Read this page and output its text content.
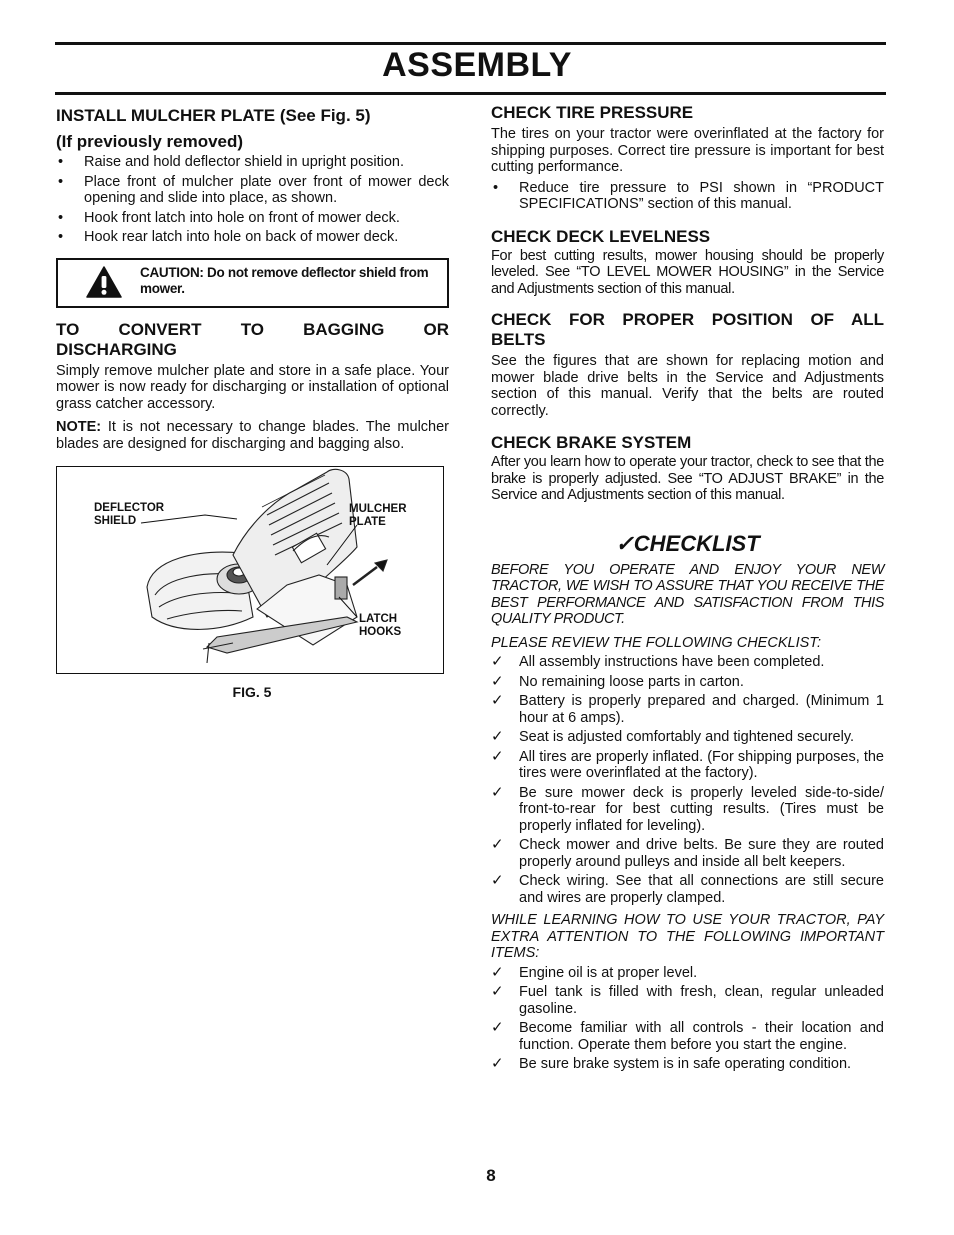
ASSEMBLY
INSTALL MULCHER PLATE (See Fig. 5)
(If previously removed)
• Raise and hold deflector shield in upright position.
• Place front of mulcher plate over front of mower deck opening and slide into place, as shown.
• Hook front latch into hole on front of mower deck.
• Hook rear latch into hole on back of mower deck.
CAUTION: Do not remove deflector shield from mower.
TO CONVERT TO BAGGING OR DISCHARGING

Simply remove mulcher plate and store in a safe place. Your mower is now ready for discharging or installation of optional grass catcher accessory.

NOTE: It is not necessary to change blades. The mulcher blades are designed for discharging and bagging also.

DEFLECTOR
SHIELD
MULCHER
PLATE
LATCH
HOOKS
FIG. 5
CHECK TIRE PRESSURE

The tires on your tractor were overinflated at the factory for shipping purposes. Correct tire pressure is important for best cutting performance.

• Reduce tire pressure to PSI shown in “PRODUCT SPECIFICATIONS” section of this manual.
CHECK DECK LEVELNESS

For best cutting results, mower housing should be properly leveled. See “TO LEVEL MOWER HOUSING” in the Service and Adjustments section of this manual.

CHECK FOR PROPER POSITION OF ALL BELTS

See the figures that are shown for replacing motion and mower blade drive belts in the Service and Adjustments section of this manual. Verify that the belts are routed correctly.

CHECK BRAKE SYSTEM

After you learn how to operate your tractor, check to see that the brake is properly adjusted. See “TO ADJUST BRAKE” in the Service and Adjustments section of this manual.

✓CHECKLIST

BEFORE YOU OPERATE AND ENJOY YOUR NEW TRACTOR, WE WISH TO ASSURE THAT YOU RECEIVE THE BEST PERFORMANCE AND SATISFACTION FROM THIS QUALITY PRODUCT.

PLEASE REVIEW THE FOLLOWING CHECKLIST:

✓ All assembly instructions have been completed.
✓ No remaining loose parts in carton.
✓ Battery is properly prepared and charged. (Minimum 1 hour at 6 amps).
✓ Seat is adjusted comfortably and tightened securely.
✓ All tires are properly inflated. (For shipping purposes, the tires were overinflated at the factory).
✓ Be sure mower deck is properly leveled side-to-side/ front-to-rear for best cutting results. (Tires must be properly inflated for leveling).
✓ Check mower and drive belts. Be sure they are routed properly around pulleys and inside all belt keepers.
✓ Check wiring. See that all connections are still secure and wires are properly clamped.

WHILE LEARNING HOW TO USE YOUR TRACTOR, PAY EXTRA ATTENTION TO THE FOLLOWING IMPORTANT ITEMS:

✓ Engine oil is at proper level.
✓ Fuel tank is filled with fresh, clean, regular unleaded gasoline.
✓ Become familiar with all controls - their location and function. Operate them before you start the engine.
✓ Be sure brake system is in safe operating condition.
8
